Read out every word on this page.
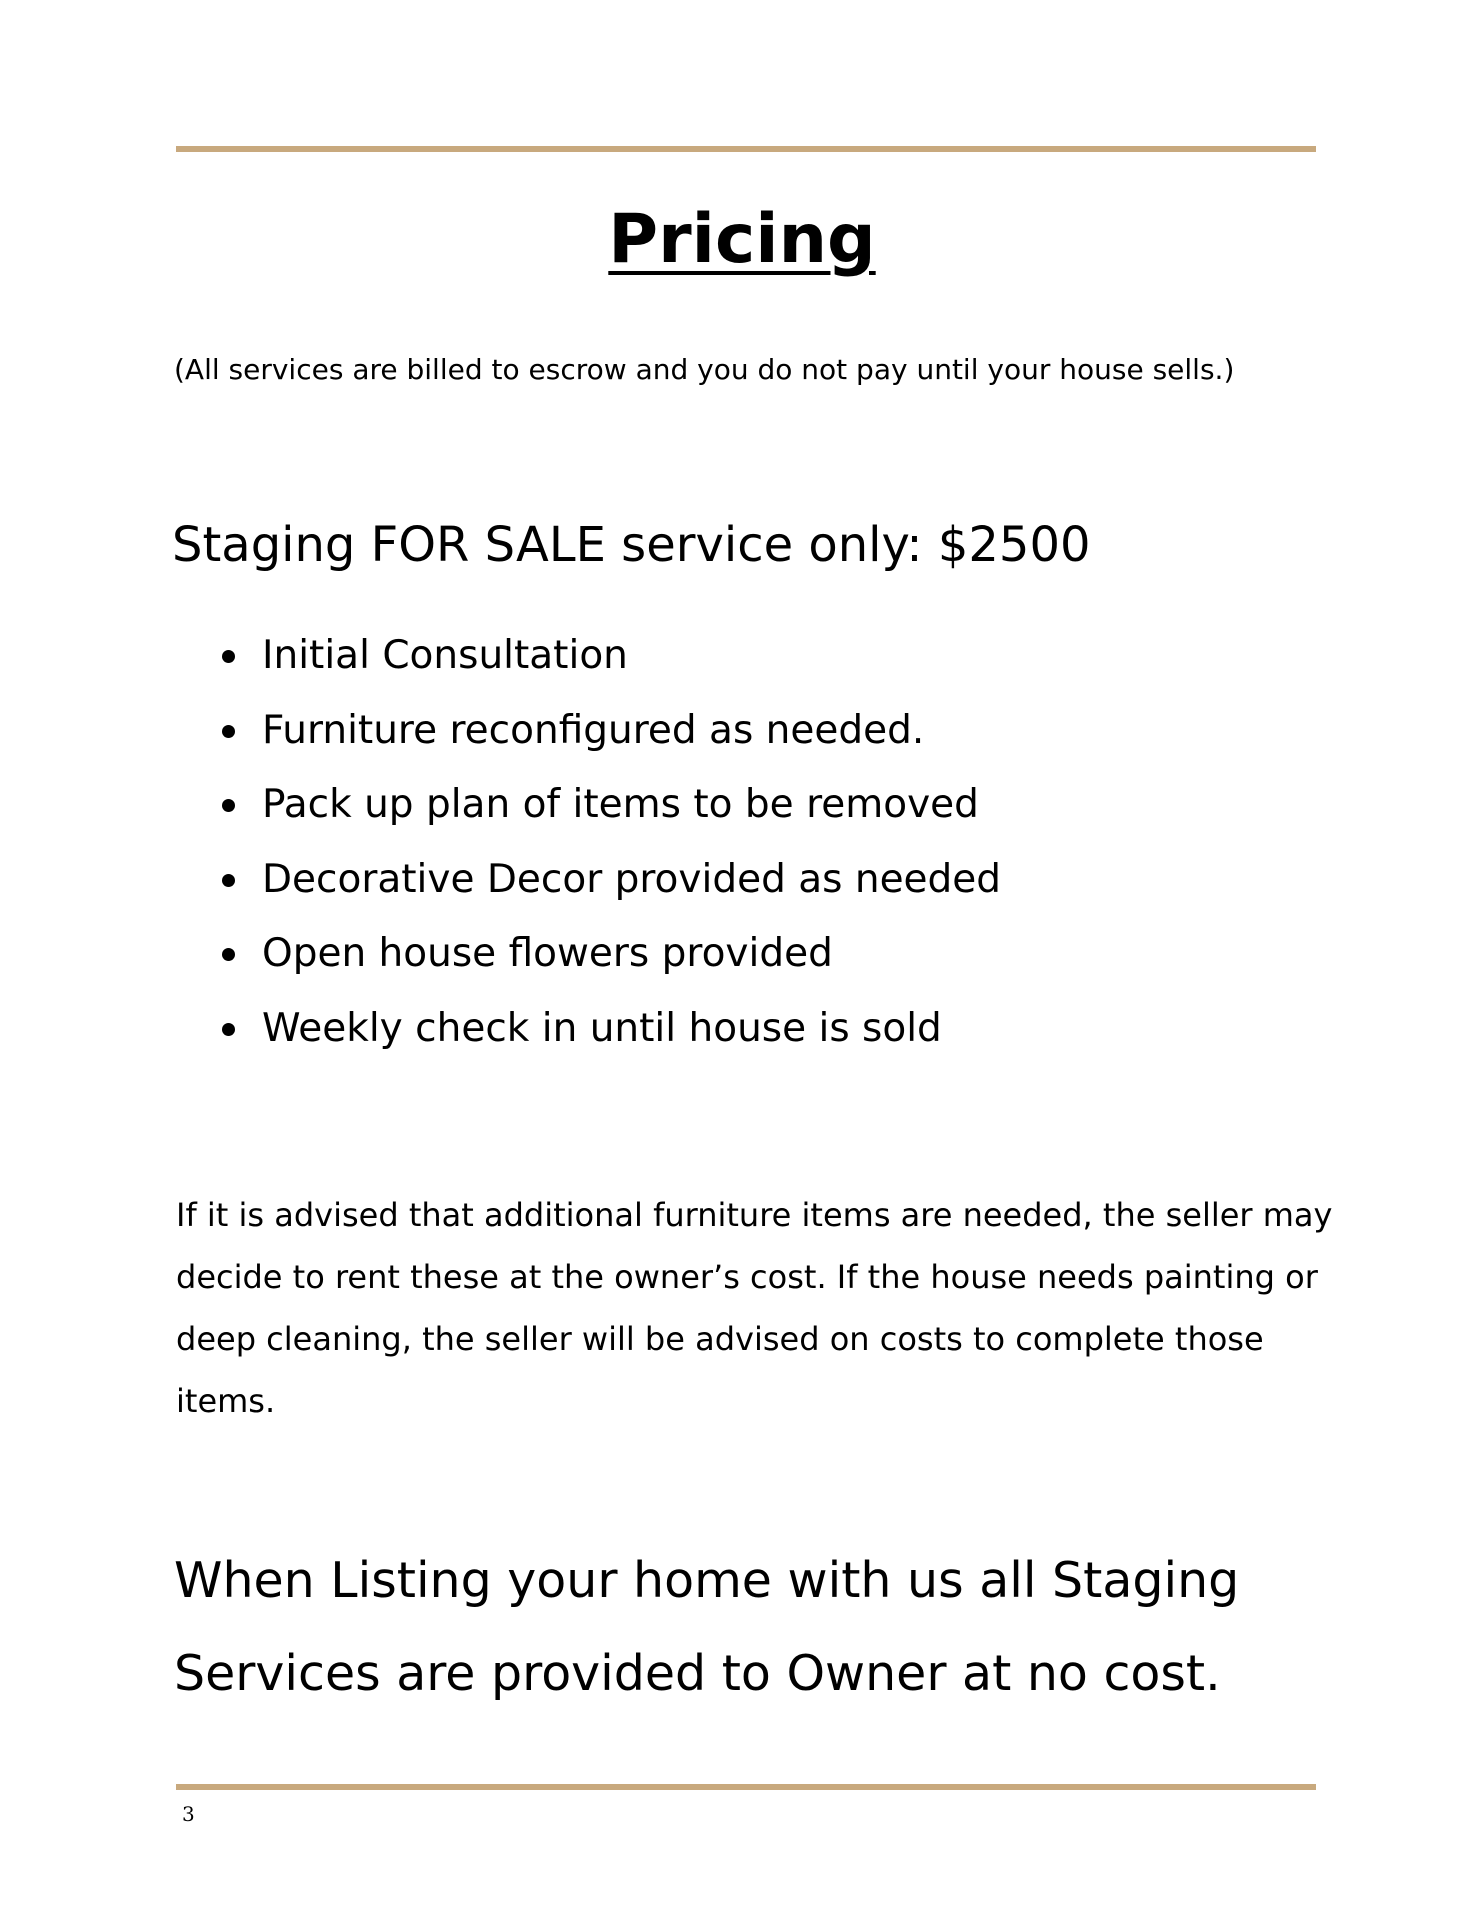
Pricing

(All services are billed to escrow and you do not pay until your house sells.)

Staging FOR SALE service only: $2500
Initial Consultation
Furniture reconfigured as needed.
Pack up plan of items to be removed
Decorative Decor provided as needed
Open house flowers provided
Weekly check in until house is sold

If it is advised that additional furniture items are needed, the seller may decide to rent these at the owner’s cost. If the house needs painting or deep cleaning, the seller will be advised on costs to complete those items.

When Listing your home with us all Staging Services are provided to Owner at no cost.

3
